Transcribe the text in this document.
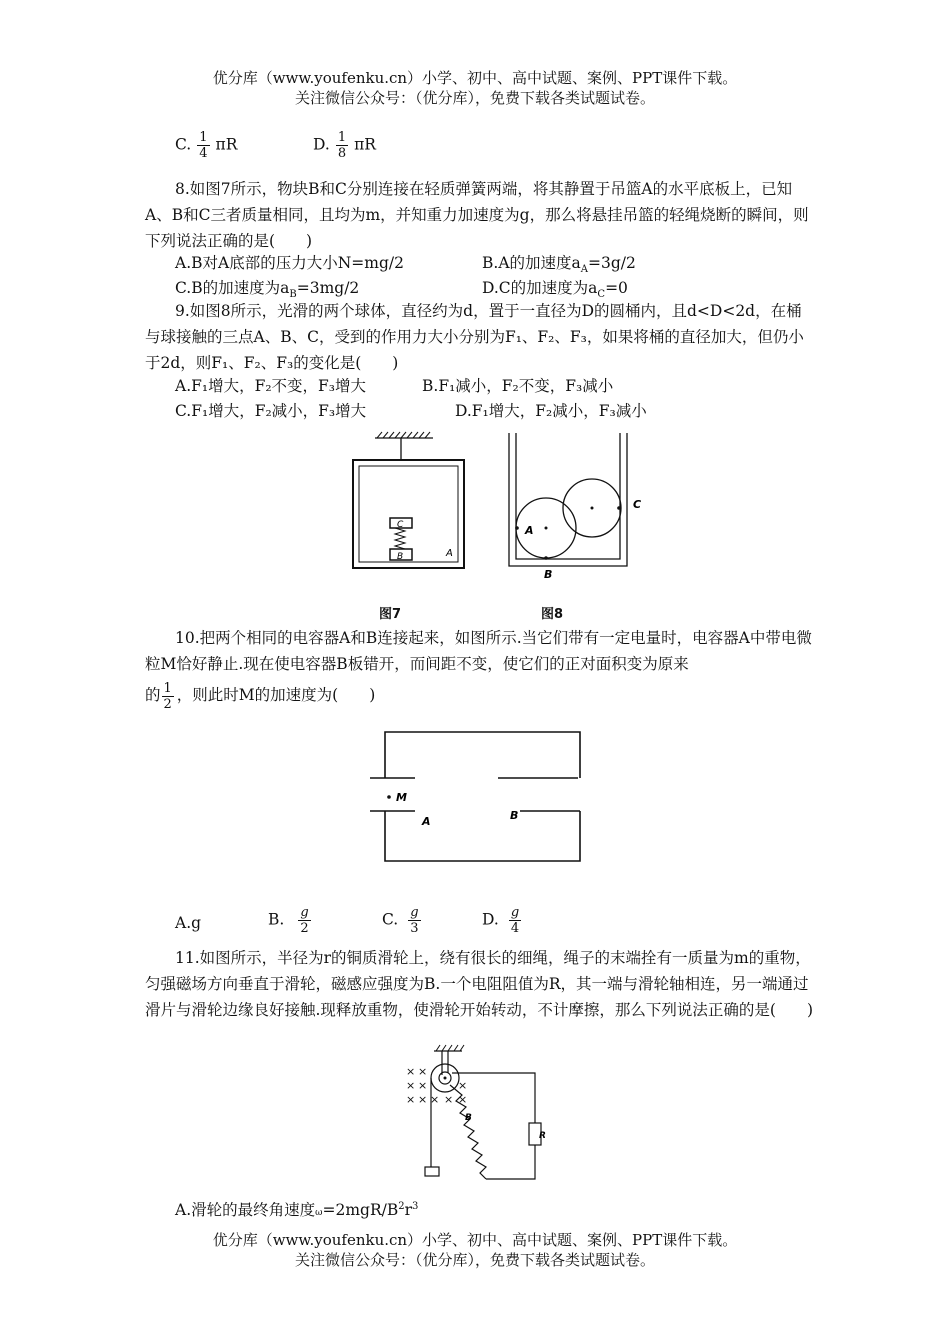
优分库（www.youfenku.cn）小学、初中、高中试题、案例、PPT课件下载。
关注微信公众号：（优分库），免费下载各类试题试卷。
C. $\frac{1}{4}$ πR	D. $\frac{1}{8}$ πR
8.如图7所示，物块B和C分别连接在轻质弹簧两端，将其静置于吊篮A的水平底板上，已知A、B和C三者质量相同，且均为m，并知重力加速度为g，那么将悬挂吊篮的轻绳烧断的瞬间，则下列说法正确的是(　　)
A.B对A底部的压力大小N=mg/2	B.A的加速度$a_A=3g/2$
C.B的加速度为$a_B=3mg/2$	D.C的加速度为$a_C=0$
9.如图8所示，光滑的两个球体，直径约为d，置于一直径为D的圆桶内，且d<D<2d，在桶与球接触的三点A、B、C，受到的作用力大小分别为F₁、F₂、F₃，如果将桶的直径加大，但仍小于2d，则F₁、F₂、F₃的变化是(　　)
A.F₁增大，F₂不变，F₃增大	B.F₁减小，F₂不变，F₃减小
C.F₁增大，F₂减小，F₃增大	D.F₁增大，F₂减小，F₃减小
C
B	A
A
B
C
图7	图8
10.把两个相同的电容器A和B连接起来，如图所示.当它们带有一定电量时，电容器A中带电微粒M恰好静止.现在使电容器B板错开，而间距不变，使它们的正对面积变为原来
的 $\frac{1}{2}$ ，则此时M的加速度为(　　)
M
A	B
A.g	B. $\frac{g}{2}$	C. $\frac{g}{3}$	D. $\frac{g}{4}$
11.如图所示，半径为r的铜质滑轮上，绕有很长的细绳，绳子的末端拴有一质量为m的重物，匀强磁场方向垂直于滑轮，磁感应强度为B.一个电阻阻值为R，其一端与滑轮轴相连，另一端通过滑片与滑轮边缘良好接触.现释放重物，使滑轮开始转动，不计摩擦，那么下列说法正确的是(　　)
× ×
× ×	×
× × × × ×
B
R
m
A.滑轮的最终角速度$\omega=2mgR/B^2r^3$
优分库（www.youfenku.cn）小学、初中、高中试题、案例、PPT课件下载。
关注微信公众号：（优分库），免费下载各类试题试卷。
